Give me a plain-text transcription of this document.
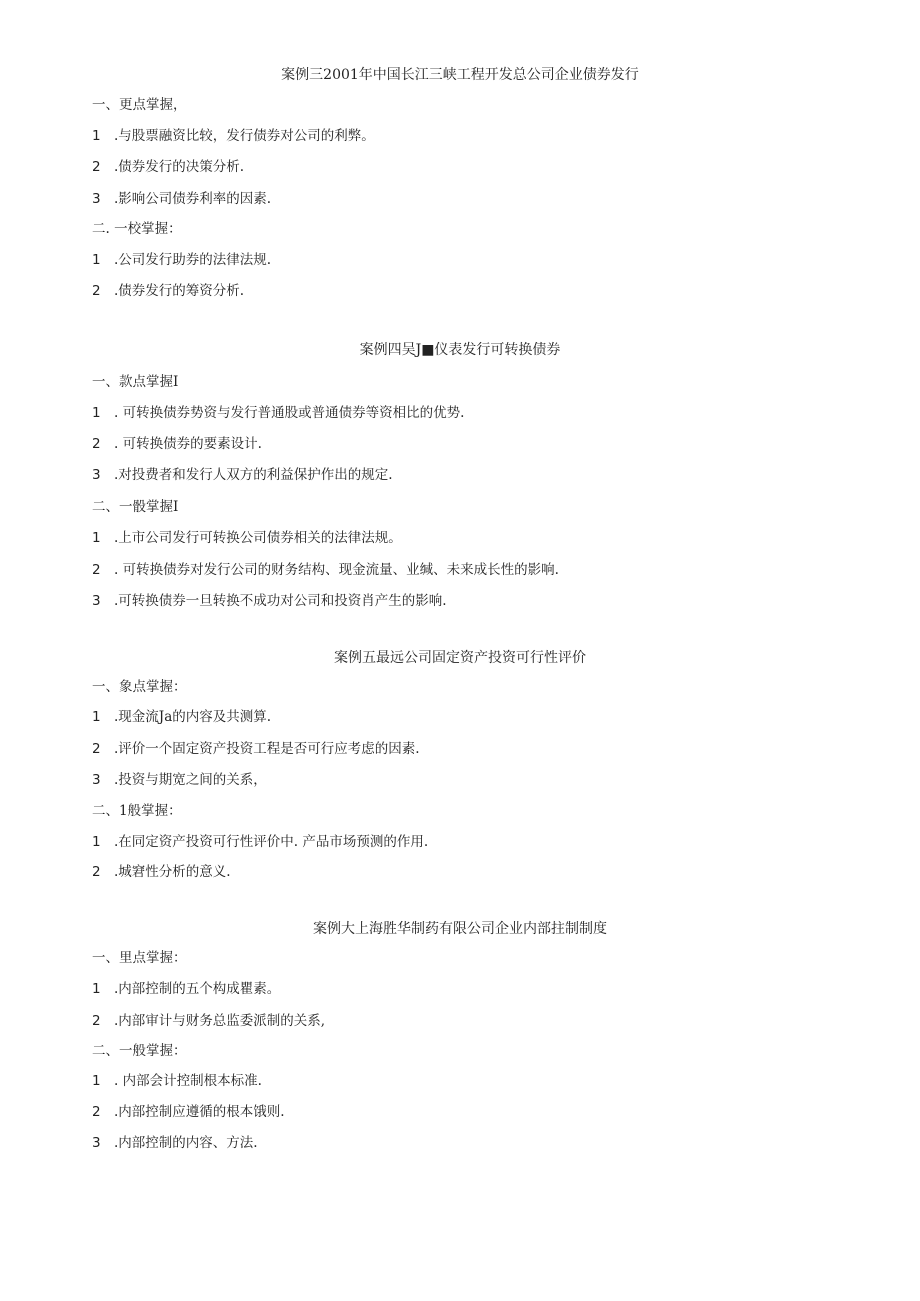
案例三2001年中国长江三峡工程开发总公司企业债券发行
一、更点掌握，
1 .与股票融资比较，发行债券对公司的利弊。
2 .债券发行的决策分析.
3 .影响公司债券利率的因素.
二. 一校掌握：
1 .公司发行助券的法律法规.
2 .债券发行的筹资分析.
案例四吴J■仪表发行可转换债券
一、款点掌握I
1 . 可转换债券势资与发行普通股或普通债券等资相比的优势.
2 . 可转换债券的要素设计.
3 .对投费者和发行人双方的利益保护作出的规定.
二、一骰掌握I
1 .上市公司发行可转换公司债券相关的法律法规。
2 . 可转换债券对发行公司的财务结构、现金流量、业缄、未来成长性的影响.
3 .可转换债券一旦转换不成功对公司和投资肖产生的影响.
案例五最远公司固定资产投资可行性评价
一、象点掌握：
1 .现金流Ja的内容及共测算.
2 .评价一个固定资产投资工程是否可行应考虑的因素.
3 .投资与期宽之间的关系，
二、1般掌握：
1 .在同定资产投资可行性评价中. 产品市场预测的作用.
2 .城窘性分析的意义.
案例大上海胜华制药有限公司企业内部拄制制度
一、里点掌握：
1 .内部控制的五个构成瞿素。
2 .内部审计与财务总监委派制的关系,
二、一般掌握：
1 . 内部会计控制根本标准.
2 .内部控制应遵循的根本饿则.
3 .内部控制的内容、方法.
